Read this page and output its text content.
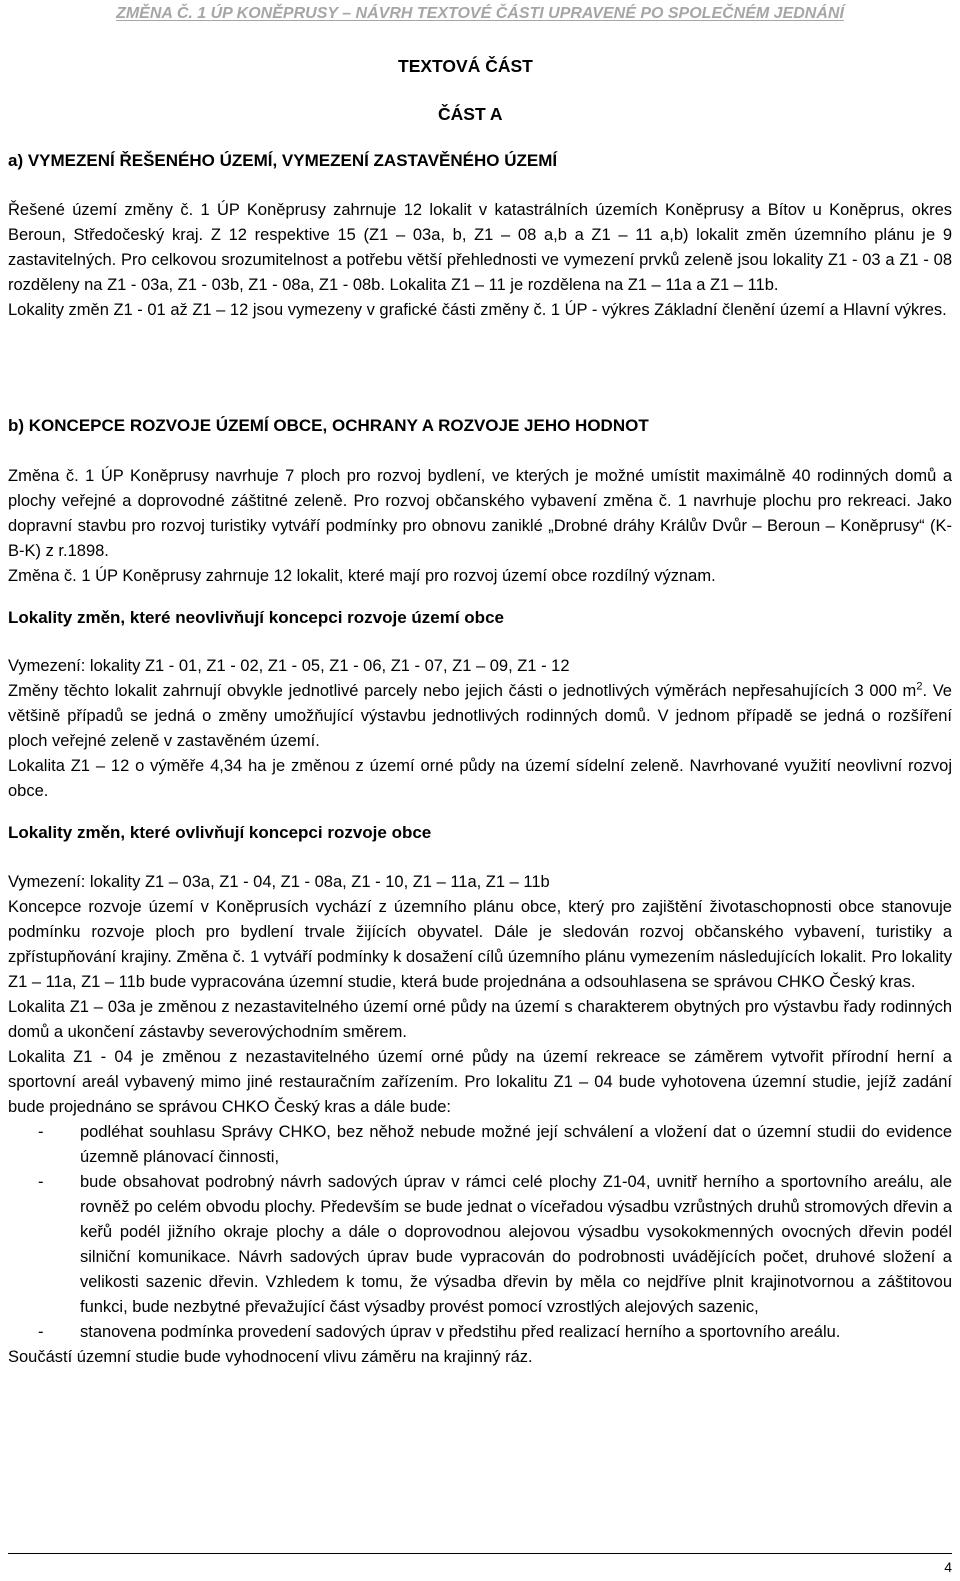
ZMĚNA Č. 1 ÚP KONĚPRUSY – NÁVRH TEXTOVÉ ČÁSTI UPRAVENÉ PO SPOLEČNÉM JEDNÁNÍ
TEXTOVÁ ČÁST
ČÁST A
a) VYMEZENÍ ŘEŠENÉHO ÚZEMÍ, VYMEZENÍ ZASTAVĚNÉHO ÚZEMÍ

Řešené území změny č. 1 ÚP Koněprusy zahrnuje 12 lokalit v katastrálních územích Koněprusy a Bítov u Koněprus, okres Beroun, Středočeský kraj. Z 12 respektive 15 (Z1 – 03a, b, Z1 – 08 a,b a Z1 – 11 a,b) lokalit změn územního plánu je 9 zastavitelných. Pro celkovou srozumitelnost a potřebu větší přehlednosti ve vymezení prvků zeleně jsou lokality Z1 - 03 a Z1 - 08 rozděleny na Z1 - 03a, Z1 - 03b, Z1 - 08a, Z1 - 08b. Lokalita Z1 – 11 je rozdělena na Z1 – 11a a Z1 – 11b.

Lokality změn Z1 - 01 až Z1 – 12 jsou vymezeny v grafické části změny č. 1 ÚP - výkres Základní členění území a Hlavní výkres.

b) KONCEPCE ROZVOJE ÚZEMÍ OBCE, OCHRANY A ROZVOJE JEHO HODNOT

Změna č. 1 ÚP Koněprusy navrhuje 7 ploch pro rozvoj bydlení, ve kterých je možné umístit maximálně 40 rodinných domů a plochy veřejné a doprovodné záštitné zeleně. Pro rozvoj občanského vybavení změna č. 1 navrhuje plochu pro rekreaci. Jako dopravní stavbu pro rozvoj turistiky vytváří podmínky pro obnovu zaniklé „Drobné dráhy Králův Dvůr – Beroun – Koněprusy“ (K-B-K) z r.1898.

Změna č. 1 ÚP Koněprusy zahrnuje 12 lokalit, které mají pro rozvoj území obce rozdílný význam.

Lokality změn, které neovlivňují koncepci rozvoje území obce

Vymezení: lokality Z1 - 01, Z1 - 02, Z1 - 05, Z1 - 06, Z1 - 07, Z1 – 09, Z1 - 12

Změny těchto lokalit zahrnují obvykle jednotlivé parcely nebo jejich části o jednotlivých výměrách nepřesahujících 3 000 $m^2$. Ve většině případů se jedná o změny umožňující výstavbu jednotlivých rodinných domů. V jednom případě se jedná o rozšíření ploch veřejné zeleně v zastavěném území.

Lokalita Z1 – 12 o výměře 4,34 ha je změnou z území orné půdy na území sídelní zeleně. Navrhované využití neovlivní rozvoj obce.

Lokality změn, které ovlivňují koncepci rozvoje obce

Vymezení: lokality Z1 – 03a, Z1 - 04, Z1 - 08a, Z1 - 10, Z1 – 11a, Z1 – 11b

Koncepce rozvoje území v Koněprusích vychází z územního plánu obce, který pro zajištění životaschopnosti obce stanovuje podmínku rozvoje ploch pro bydlení trvale žijících obyvatel. Dále je sledován rozvoj občanského vybavení, turistiky a zpřístupňování krajiny. Změna č. 1 vytváří podmínky k dosažení cílů územního plánu vymezením následujících lokalit. Pro lokality Z1 – 11a, Z1 – 11b bude vypracována územní studie, která bude projednána a odsouhlasena se správou CHKO Český kras.

Lokalita Z1 – 03a je změnou z nezastavitelného území orné půdy na území s charakterem obytných pro výstavbu řady rodinných domů a ukončení zástavby severovýchodním směrem.

Lokalita Z1 - 04 je změnou z nezastavitelného území orné půdy na území rekreace se záměrem vytvořit přírodní herní a sportovní areál vybavený mimo jiné restauračním zařízením. Pro lokalitu Z1 – 04 bude vyhotovena územní studie, jejíž zadání bude projednáno se správou CHKO Český kras a dále bude:

- podléhat souhlasu Správy CHKO, bez něhož nebude možné její schválení a vložení dat o územní studii do evidence územně plánovací činnosti,
- bude obsahovat podrobný návrh sadových úprav v rámci celé plochy Z1-04, uvnitř herního a sportovního areálu, ale rovněž po celém obvodu plochy. Především se bude jednat o víceřadou výsadbu vzrůstných druhů stromových dřevin a keřů podél jižního okraje plochy a dále o doprovodnou alejovou výsadbu vysokokmenných ovocných dřevin podél silniční komunikace. Návrh sadových úprav bude vypracován do podrobnosti uvádějících počet, druhové složení a velikosti sazenic dřevin. Vzhledem k tomu, že výsadba dřevin by měla co nejdříve plnit krajinotvornou a záštitovou funkci, bude nezbytné převažující část výsadby provést pomocí vzrostlých alejových sazenic,
- stanovena podmínka provedení sadových úprav v předstihu před realizací herního a sportovního areálu.

Součástí územní studie bude vyhodnocení vlivu záměru na krajinný ráz.

4
